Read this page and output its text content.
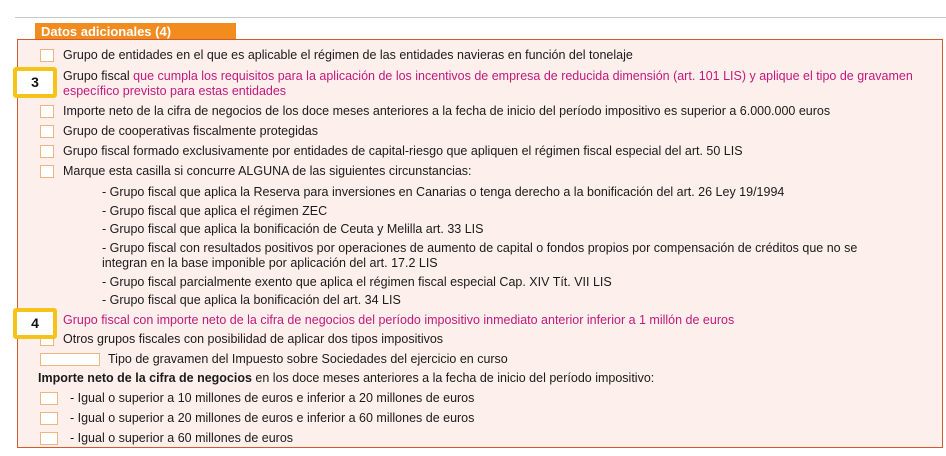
Datos adicionales (4)
Grupo de entidades en el que es aplicable el régimen de las entidades navieras en función del tonelaje
Grupo fiscal que cumpla los requisitos para la aplicación de los incentivos de empresa de reducida dimensión (art. 101 LIS) y aplique el tipo de gravamen específico previsto para estas entidades
Importe neto de la cifra de negocios de los doce meses anteriores a la fecha de inicio del período impositivo es superior a 6.000.000 euros
Grupo de cooperativas fiscalmente protegidas
Grupo fiscal formado exclusivamente por entidades de capital-riesgo que apliquen el régimen fiscal especial del art. 50 LIS
Marque esta casilla si concurre ALGUNA de las siguientes circunstancias:
- Grupo fiscal que aplica la Reserva para inversiones en Canarias o tenga derecho a la bonificación del art. 26 Ley 19/1994
- Grupo fiscal que aplica el régimen ZEC
- Grupo fiscal que aplica la bonificación de Ceuta y Melilla art. 33 LIS
- Grupo fiscal con resultados positivos por operaciones de aumento de capital o fondos propios por compensación de créditos que no se integran en la base imponible por aplicación del art. 17.2 LIS
- Grupo fiscal parcialmente exento que aplica el régimen fiscal especial Cap. XIV Tít. VII LIS
- Grupo fiscal que aplica la bonificación del art. 34 LIS
Grupo fiscal con importe neto de la cifra de negocios del período impositivo inmediato anterior inferior a 1 millón de euros
Otros grupos fiscales con posibilidad de aplicar dos tipos impositivos
Tipo de gravamen del Impuesto sobre Sociedades del ejercicio en curso
Importe neto de la cifra de negocios en los doce meses anteriores a la fecha de inicio del período impositivo:
- Igual o superior a 10 millones de euros e inferior a 20 millones de euros
- Igual o superior a 20 millones de euros e inferior a 60 millones de euros
- Igual o superior a 60 millones de euros
3
4
